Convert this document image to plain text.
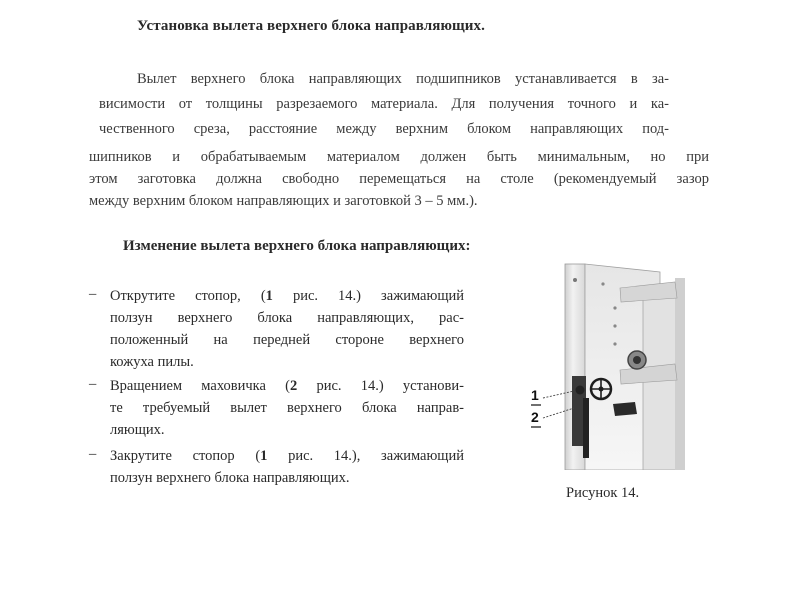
Установка вылета верхнего блока направляющих.
Вылет верхнего блока направляющих подшипников устанавливается в за-
висимости от толщины разрезаемого материала. Для получения точного и ка-
чественного среза, расстояние между верхним блоком направляющих под-
шипников и обрабатываемым материалом должен быть минимальным, но при
этом заготовка должна свободно перемещаться на столе (рекомендуемый зазор
между верхним блоком направляющих и заготовкой 3 – 5 мм.).
Изменение вылета верхнего блока направляющих:
– Открутите стопор, (1 рис. 14.) зажимающий
ползун верхнего блока направляющих, рас-
положенный на передней стороне верхнего
кожуха пилы.
– Вращением маховичка (2 рис. 14.) установи-
те требуемый вылет верхнего блока направ-
ляющих.
– Закрутите стопор (1 рис. 14.), зажимающий
ползун верхнего блока направляющих.
1
2
Рисунок 14.
